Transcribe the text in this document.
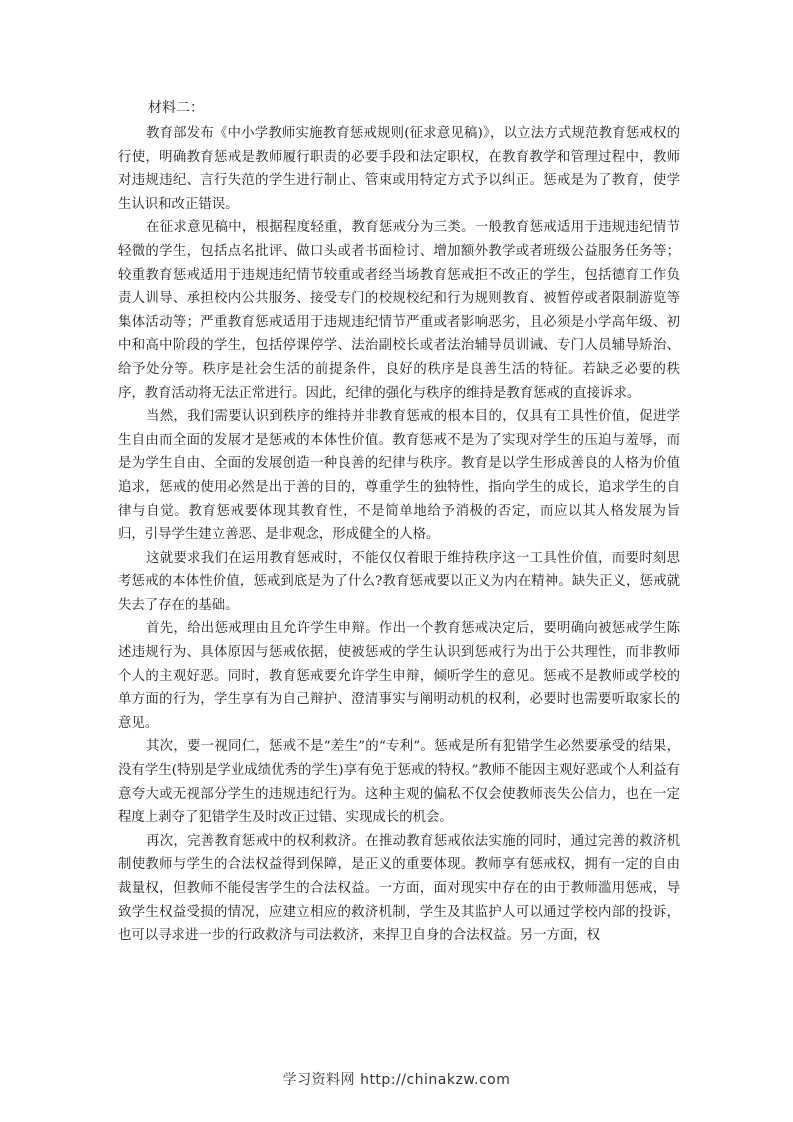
材料二：

教育部发布《中小学教师实施教育惩戒规则(征求意见稿)》，以立法方式规范教育惩戒权的行使，明确教育惩戒是教师履行职责的必要手段和法定职权，在教育教学和管理过程中，教师对违规违纪、言行失范的学生进行制止、管束或用特定方式予以纠正。惩戒是为了教育，使学生认识和改正错误。

在征求意见稿中，根据程度轻重，教育惩戒分为三类。一般教育惩戒适用于违规违纪情节轻微的学生，包括点名批评、做口头或者书面检讨、增加额外教学或者班级公益服务任务等；较重教育惩戒适用于违规违纪情节较重或者经当场教育惩戒拒不改正的学生，包括德育工作负责人训导、承担校内公共服务、接受专门的校规校纪和行为规则教育、被暂停或者限制游览等集体活动等；严重教育惩戒适用于违规违纪情节严重或者影响恶劣，且必须是小学高年级、初中和高中阶段的学生，包括停课停学、法治副校长或者法治辅导员训诫、专门人员辅导矫治、给予处分等。秩序是社会生活的前提条件，良好的秩序是良善生活的特征。若缺乏必要的秩序，教育活动将无法正常进行。因此，纪律的强化与秩序的维持是教育惩戒的直接诉求。

当然，我们需要认识到秩序的维持并非教育惩戒的根本目的，仅具有工具性价值，促进学生自由而全面的发展才是惩戒的本体性价值。教育惩戒不是为了实现对学生的压迫与羞辱，而是为学生自由、全面的发展创造一种良善的纪律与秩序。教育是以学生形成善良的人格为价值追求，惩戒的使用必然是出于善的目的，尊重学生的独特性，指向学生的成长，追求学生的自律与自觉。教育惩戒要体现其教育性，不是简单地给予消极的否定，而应以其人格发展为旨归，引导学生建立善恶、是非观念，形成健全的人格。

这就要求我们在运用教育惩戒时，不能仅仅着眼于维持秩序这一工具性价值，而要时刻思考惩戒的本体性价值，惩戒到底是为了什么?教育惩戒要以正义为内在精神。缺失正义，惩戒就失去了存在的基础。

首先，给出惩戒理由且允许学生申辩。作出一个教育惩戒决定后，要明确向被惩戒学生陈述违规行为、具体原因与惩戒依据，使被惩戒的学生认识到惩戒行为出于公共理性，而非教师个人的主观好恶。同时，教育惩戒要允许学生申辩，倾听学生的意见。惩戒不是教师或学校的单方面的行为，学生享有为自己辩护、澄清事实与阐明动机的权利，必要时也需要听取家长的意见。

其次，要一视同仁，惩戒不是“差生”的“专利”。惩戒是所有犯错学生必然要承受的结果，没有学生(特别是学业成绩优秀的学生)享有免于惩戒的特权。”教师不能因主观好恶或个人利益有意夸大或无视部分学生的违规违纪行为。这种主观的偏私不仅会使教师丧失公信力，也在一定程度上剥夺了犯错学生及时改正过错、实现成长的机会。

再次，完善教育惩戒中的权利救济。在推动教育惩戒依法实施的同时，通过完善的救济机制使教师与学生的合法权益得到保障，是正义的重要体现。教师享有惩戒权，拥有一定的自由裁量权，但教师不能侵害学生的合法权益。一方面，面对现实中存在的由于教师滥用惩戒，导致学生权益受损的情况，应建立相应的救济机制，学生及其监护人可以通过学校内部的投诉，也可以寻求进一步的行政救济与司法救济，来捍卫自身的合法权益。另一方面，权

学习资料网 http://chinakzw.com
